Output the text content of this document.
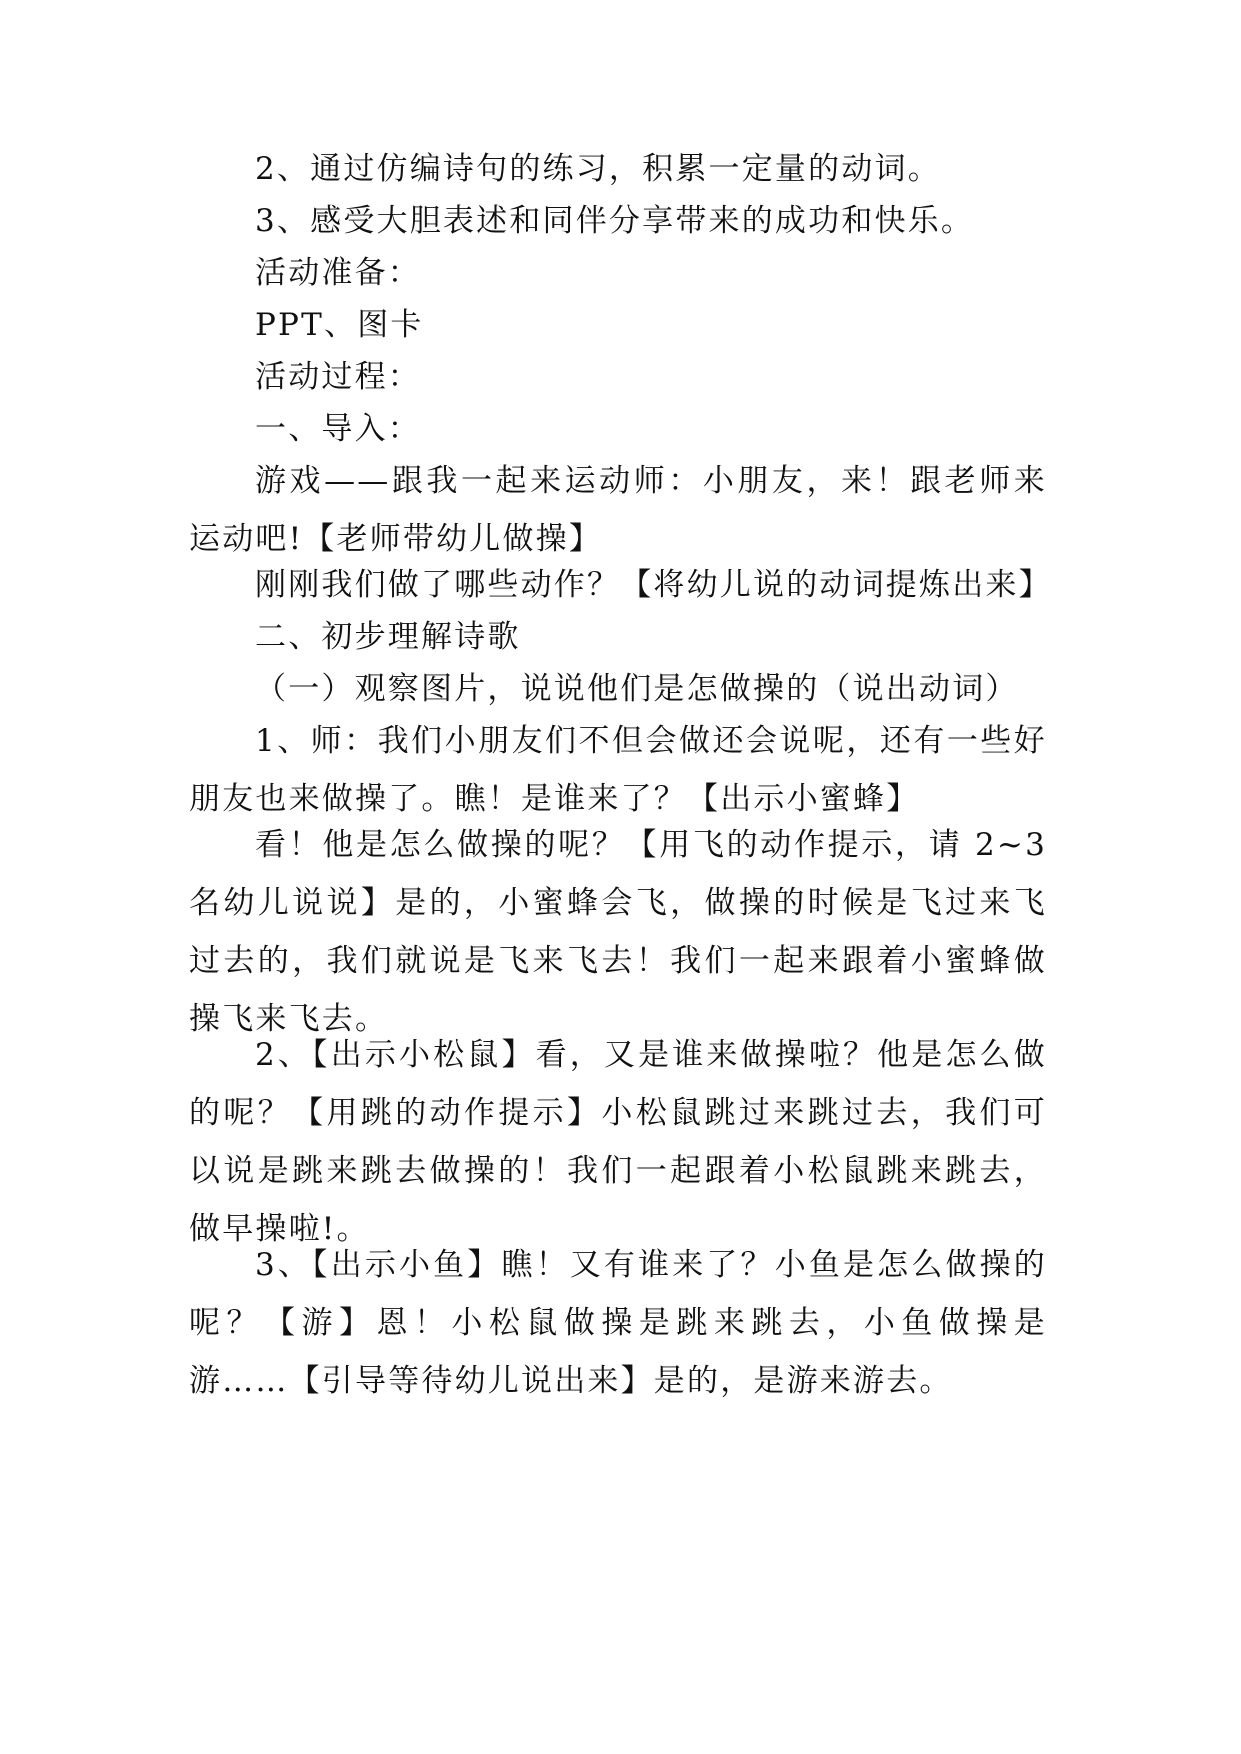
2、通过仿编诗句的练习，积累一定量的动词。
3、感受大胆表述和同伴分享带来的成功和快乐。
活动准备：
PPT、图卡
活动过程：
一、导入：
游戏——跟我一起来运动师：小朋友，来！跟老师来运动吧!【老师带幼儿做操】
刚刚我们做了哪些动作？【将幼儿说的动词提炼出来】
二、初步理解诗歌
（一）观察图片，说说他们是怎做操的（说出动词）
1、师：我们小朋友们不但会做还会说呢，还有一些好朋友也来做操了。瞧！是谁来了？【出示小蜜蜂】
看！他是怎么做操的呢？【用飞的动作提示，请 2~3 名幼儿说说】是的，小蜜蜂会飞，做操的时候是飞过来飞过去的，我们就说是飞来飞去！我们一起来跟着小蜜蜂做操飞来飞去。
2、【出示小松鼠】看，又是谁来做操啦？他是怎么做的呢？【用跳的动作提示】小松鼠跳过来跳过去，我们可以说是跳来跳去做操的！我们一起跟着小松鼠跳来跳去，做早操啦!。
3、【出示小鱼】瞧！又有谁来了？小鱼是怎么做操的呢？【游】恩！小松鼠做操是跳来跳去，小鱼做操是游……【引导等待幼儿说出来】是的，是游来游去。
